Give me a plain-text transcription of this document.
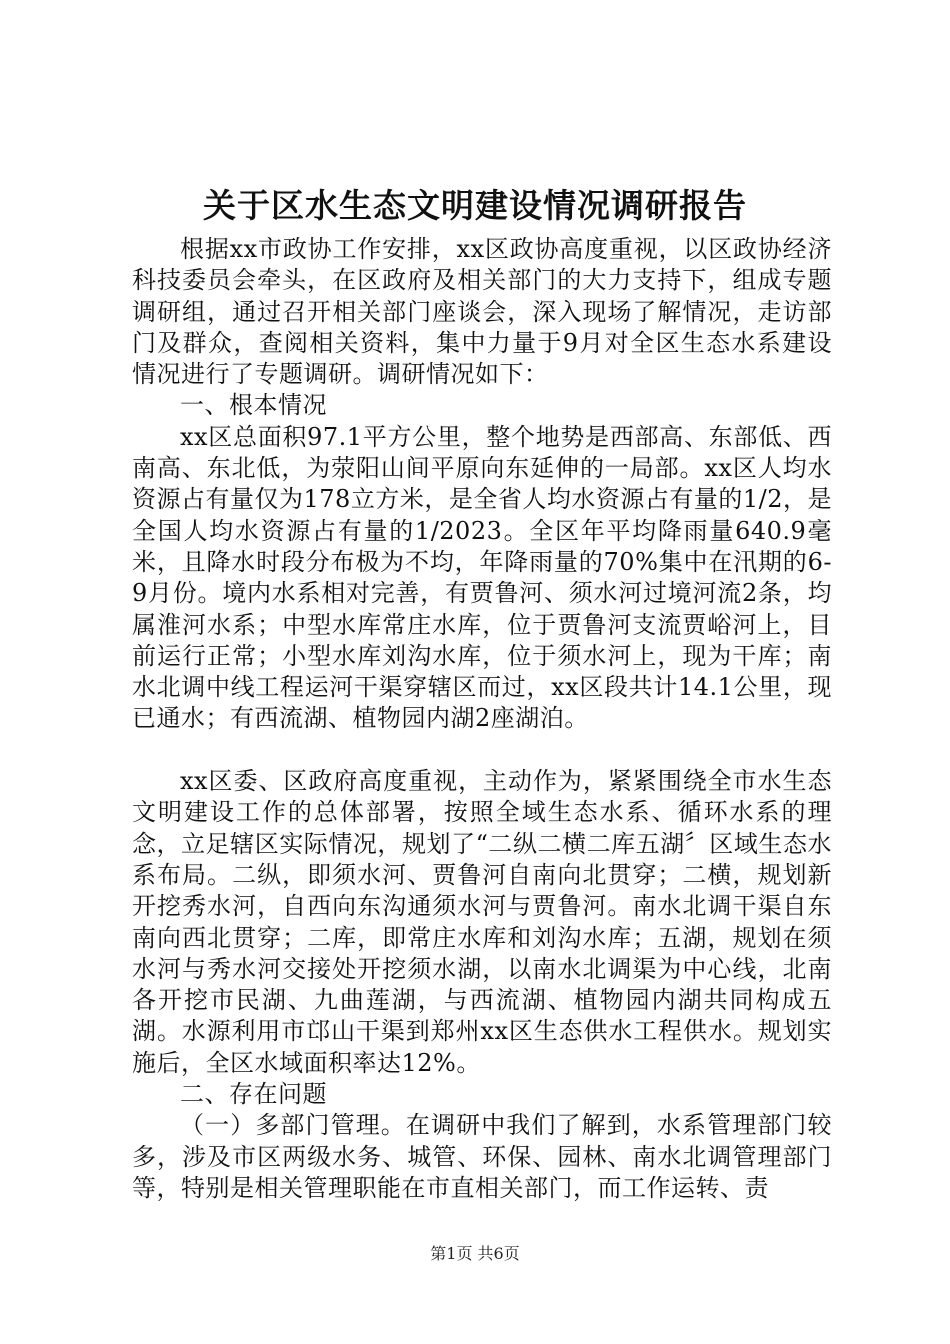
关于区水生态文明建设情况调研报告

根据xx市政协工作安排，xx区政协高度重视，以区政协经济科技委员会牵头，在区政府及相关部门的大力支持下，组成专题调研组，通过召开相关部门座谈会，深入现场了解情况，走访部门及群众，查阅相关资料，集中力量于9月对全区生态水系建设情况进行了专题调研。调研情况如下：

一、根本情况

xx区总面积97.1平方公里，整个地势是西部高、东部低、西南高、东北低，为荥阳山间平原向东延伸的一局部。xx区人均水资源占有量仅为178立方米，是全省人均水资源占有量的1/2，是全国人均水资源占有量的1/2023。全区年平均降雨量640.9毫米，且降水时段分布极为不均，年降雨量的70%集中在汛期的6-9月份。境内水系相对完善，有贾鲁河、须水河过境河流2条，均属淮河水系；中型水库常庄水库，位于贾鲁河支流贾峪河上，目前运行正常；小型水库刘沟水库，位于须水河上，现为干库；南水北调中线工程运河干渠穿辖区而过，xx区段共计14.1公里，现已通水；有西流湖、植物园内湖2座湖泊。

xx区委、区政府高度重视，主动作为，紧紧围绕全市水生态文明建设工作的总体部署，按照全域生态水系、循环水系的理念，立足辖区实际情况，规划了“二纵二横二库五湖〞区域生态水系布局。二纵，即须水河、贾鲁河自南向北贯穿；二横，规划新开挖秀水河，自西向东沟通须水河与贾鲁河。南水北调干渠自东南向西北贯穿；二库，即常庄水库和刘沟水库；五湖，规划在须水河与秀水河交接处开挖须水湖，以南水北调渠为中心线，北南各开挖市民湖、九曲莲湖，与西流湖、植物园内湖共同构成五湖。水源利用市邙山干渠到郑州xx区生态供水工程供水。规划实施后，全区水域面积率达12%。

二、存在问题

（一）多部门管理。在调研中我们了解到，水系管理部门较多，涉及市区两级水务、城管、环保、园林、南水北调管理部门等，特别是相关管理职能在市直相关部门，而工作运转、责

第1页 共6页
